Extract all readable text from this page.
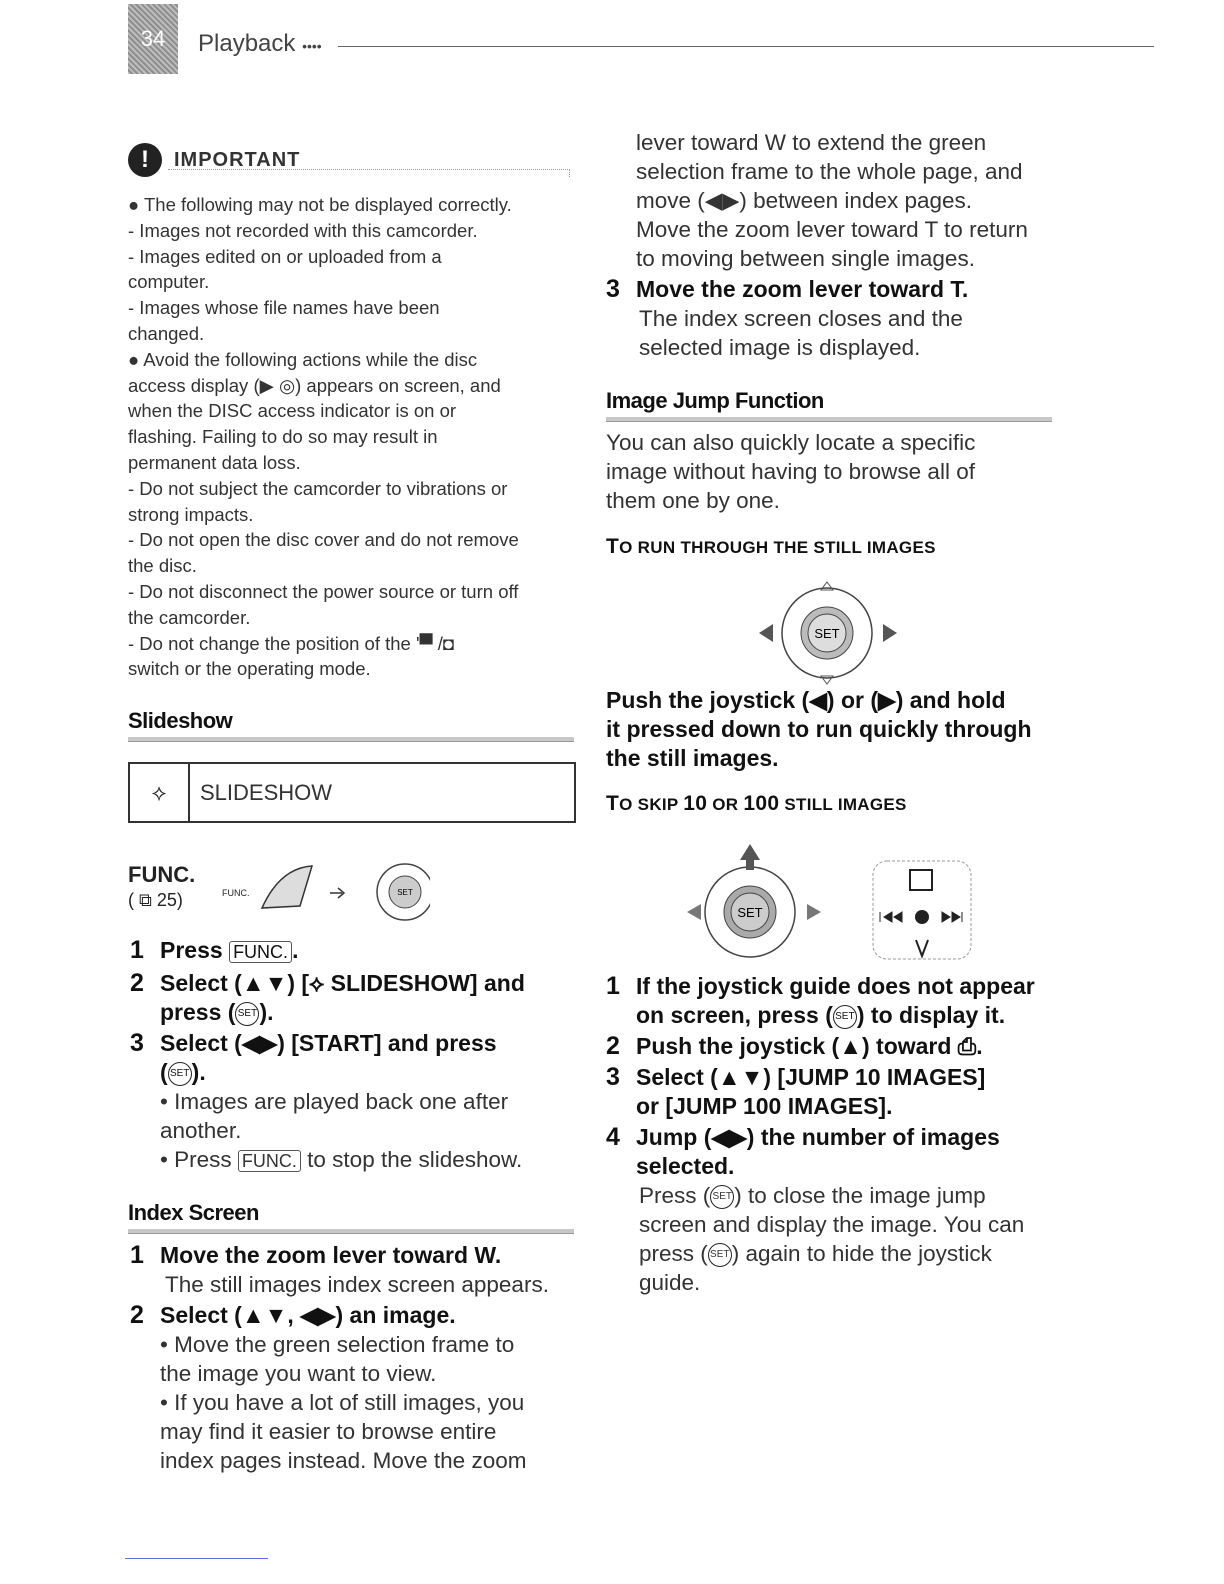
34	Playback ••••
!	IMPORTANT
● The following may not be displayed correctly.
- Images not recorded with this camcorder.
- Images edited on or uploaded from a
computer.
- Images whose file names have been
changed.
● Avoid the following actions while the disc
access display (▶ ◎) appears on screen, and
when the DISC access indicator is on or
flashing. Failing to do so may result in
permanent data loss.
- Do not subject the camcorder to vibrations or
strong impacts.
- Do not open the disc cover and do not remove
the disc.
- Do not disconnect the power source or turn off
the camcorder.
- Do not change the position of the '▀ /◘
switch or the operating mode.
Slideshow
⟡	SLIDESHOW
FUNC.
( ⧉ 25)	FUNC.	SET
1 Press FUNC. .
2 Select (▲▼) [⟡ SLIDESHOW] and
press ( SET).
3 Select (◀▶) [START] and press
( SET).
• Images are played back one after
another.
• Press FUNC. to stop the slideshow.
Index Screen
1 Move the zoom lever toward W.
The still images index screen appears.
2 Select (▲▼, ◀▶) an image.
• Move the green selection frame to
the image you want to view.
• If you have a lot of still images, you
may find it easier to browse entire
index pages instead. Move the zoom
lever toward W to extend the green
selection frame to the whole page, and
move (◀▶) between index pages.
Move the zoom lever toward T to return
to moving between single images.
3 Move the zoom lever toward T.
The index screen closes and the
selected image is displayed.
Image Jump Function
You can also quickly locate a specific
image without having to browse all of
them one by one.
TO RUN THROUGH THE STILL IMAGES
SET
Push the joystick (◀) or (▶) and hold
it pressed down to run quickly through
the still images.
TO SKIP 10 OR 100 STILL IMAGES
SET
1 If the joystick guide does not appear
on screen, press ( SET) to display it.
2 Push the joystick (▲) toward ⎙.
3 Select (▲▼) [JUMP 10 IMAGES]
or [JUMP 100 IMAGES].
4 Jump (◀▶) the number of images
selected.
Press ( SET ) to close the image jump
screen and display the image. You can
press ( SET ) again to hide the joystick
guide.
